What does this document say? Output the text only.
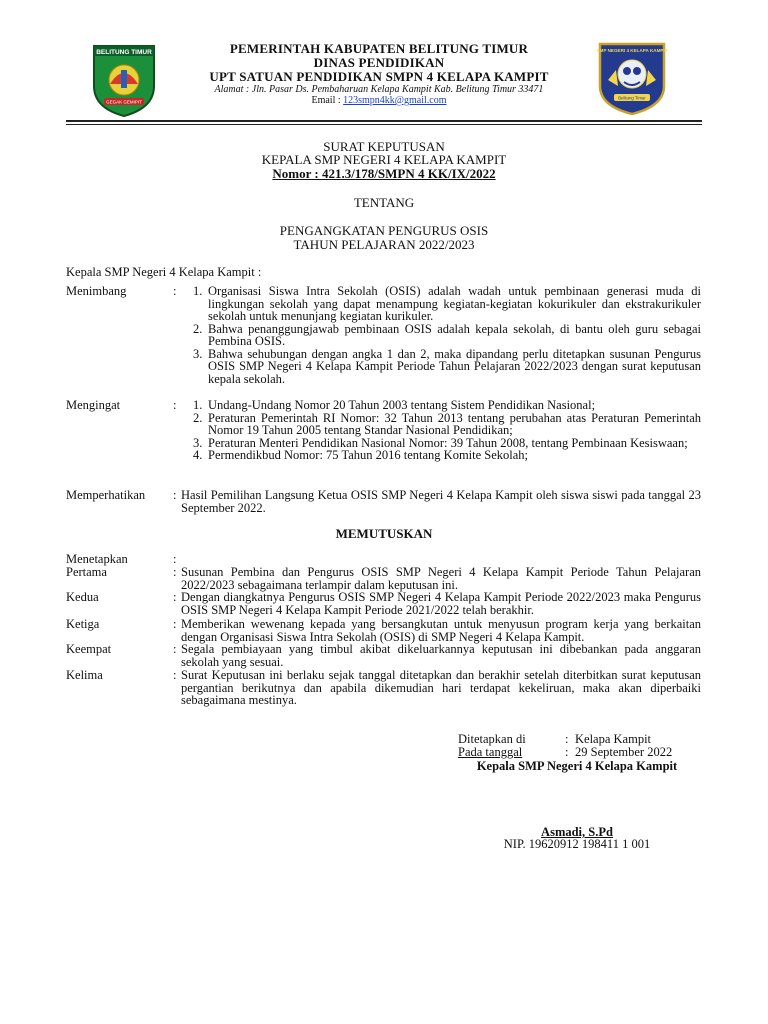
BELITUNG TIMUR
GEGAK GEMIPIT
PEMERINTAH KABUPATEN BELITUNG TIMUR
DINAS PENDIDIKAN
UPT SATUAN PENDIDIKAN SMPN 4 KELAPA KAMPIT
Alamat : Jln. Pasar Ds. Pembaharuan Kelapa Kampit Kab. Belitung Timur 33471
Email : 123smpn4kk@gmail.com
SMP NEGERI 4 KELAPA KAMPIT
Belitung Timur
SURAT KEPUTUSAN
KEPALA SMP NEGERI 4 KELAPA KAMPIT
Nomor : 421.3/178/SMPN 4 KK/IX/2022
TENTANG
PENGANGKATAN PENGURUS OSIS
TAHUN PELAJARAN 2022/2023
Kepala SMP Negeri 4 Kelapa Kampit :
Menimbang	: 1. Organisasi Siswa Intra Sekolah (OSIS) adalah wadah untuk pembinaan generasi muda di lingkungan sekolah yang dapat menampung kegiatan-kegiatan kokurikuler dan ekstrakurikuler sekolah untuk menunjang kegiatan kurikuler.
2. Bahwa penanggungjawab pembinaan OSIS adalah kepala sekolah, di bantu oleh guru sebagai Pembina OSIS.
3. Bahwa sehubungan dengan angka 1 dan 2, maka dipandang perlu ditetapkan susunan Pengurus OSIS SMP Negeri 4 Kelapa Kampit Periode Tahun Pelajaran 2022/2023 dengan surat keputusan kepala sekolah.
Mengingat	: 1. Undang-Undang Nomor 20 Tahun 2003 tentang Sistem Pendidikan Nasional;
2. Peraturan Pemerintah RI Nomor: 32 Tahun 2013 tentang perubahan atas Peraturan Pemerintah Nomor 19 Tahun 2005 tentang Standar Nasional Pendidikan;
3. Peraturan Menteri Pendidikan Nasional Nomor: 39 Tahun 2008, tentang Pembinaan Kesiswaan;
4. Permendikbud Nomor: 75 Tahun 2016 tentang Komite Sekolah;
Memperhatikan	: Hasil Pemilihan Langsung Ketua OSIS SMP Negeri 4 Kelapa Kampit oleh siswa siswi pada tanggal 23 September 2022.
MEMUTUSKAN
Menetapkan	:
Pertama	: Susunan Pembina dan Pengurus OSIS SMP Negeri 4 Kelapa Kampit Periode Tahun Pelajaran 2022/2023 sebagaimana terlampir dalam keputusan ini.
Kedua	: Dengan diangkatnya Pengurus OSIS SMP Negeri 4 Kelapa Kampit Periode 2022/2023 maka Pengurus OSIS SMP Negeri 4 Kelapa Kampit Periode 2021/2022 telah berakhir.
Ketiga	: Memberikan wewenang kepada yang bersangkutan untuk menyusun program kerja yang berkaitan dengan Organisasi Siswa Intra Sekolah (OSIS) di SMP Negeri 4 Kelapa Kampit.
Keempat	: Segala pembiayaan yang timbul akibat dikeluarkannya keputusan ini dibebankan pada anggaran sekolah yang sesuai.
Kelima	: Surat Keputusan ini berlaku sejak tanggal ditetapkan dan berakhir setelah diterbitkan surat keputusan pergantian berikutnya dan apabila dikemudian hari terdapat kekeliruan, maka akan diperbaiki sebagaimana mestinya.
Ditetapkan di	: Kelapa Kampit
Pada tanggal	: 29 September 2022
Kepala SMP Negeri 4 Kelapa Kampit
Asmadi, S.Pd
NIP. 19620912 198411 1 001
